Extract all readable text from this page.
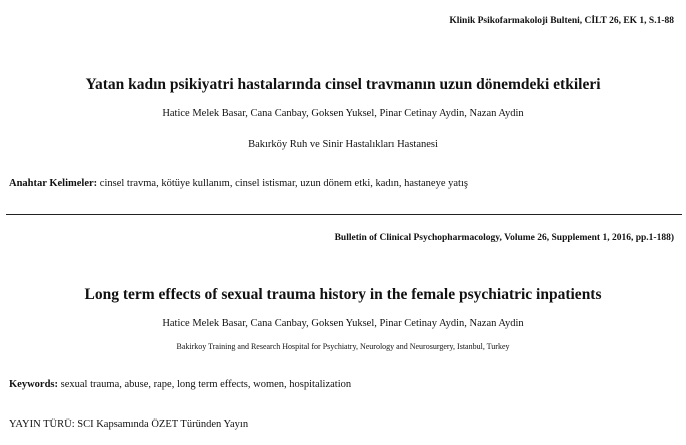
Klinik Psikofarmakoloji Bulteni, CİLT 26, EK 1, S.1-88
Yatan kadın psikiyatri hastalarında cinsel travmanın uzun dönemdeki etkileri
Hatice Melek Basar, Cana Canbay, Goksen Yuksel, Pinar Cetinay Aydin, Nazan Aydin
Bakırköy Ruh ve Sinir Hastalıkları Hastanesi
Anahtar Kelimeler: cinsel travma, kötüye kullanım, cinsel istismar, uzun dönem etki, kadın, hastaneye yatış
Bulletin of Clinical Psychopharmacology, Volume 26, Supplement 1, 2016, pp.1-188)
Long term effects of sexual trauma history in the female psychiatric inpatients
Hatice Melek Basar, Cana Canbay, Goksen Yuksel, Pinar Cetinay Aydin, Nazan Aydin
Bakirkoy Training and Research Hospital for Psychiatry, Neurology and Neurosurgery, Istanbul, Turkey
Keywords: sexual trauma, abuse, rape, long term effects, women, hospitalization
YAYIN TÜRÜ: SCI Kapsamında ÖZET Türünden Yayın
